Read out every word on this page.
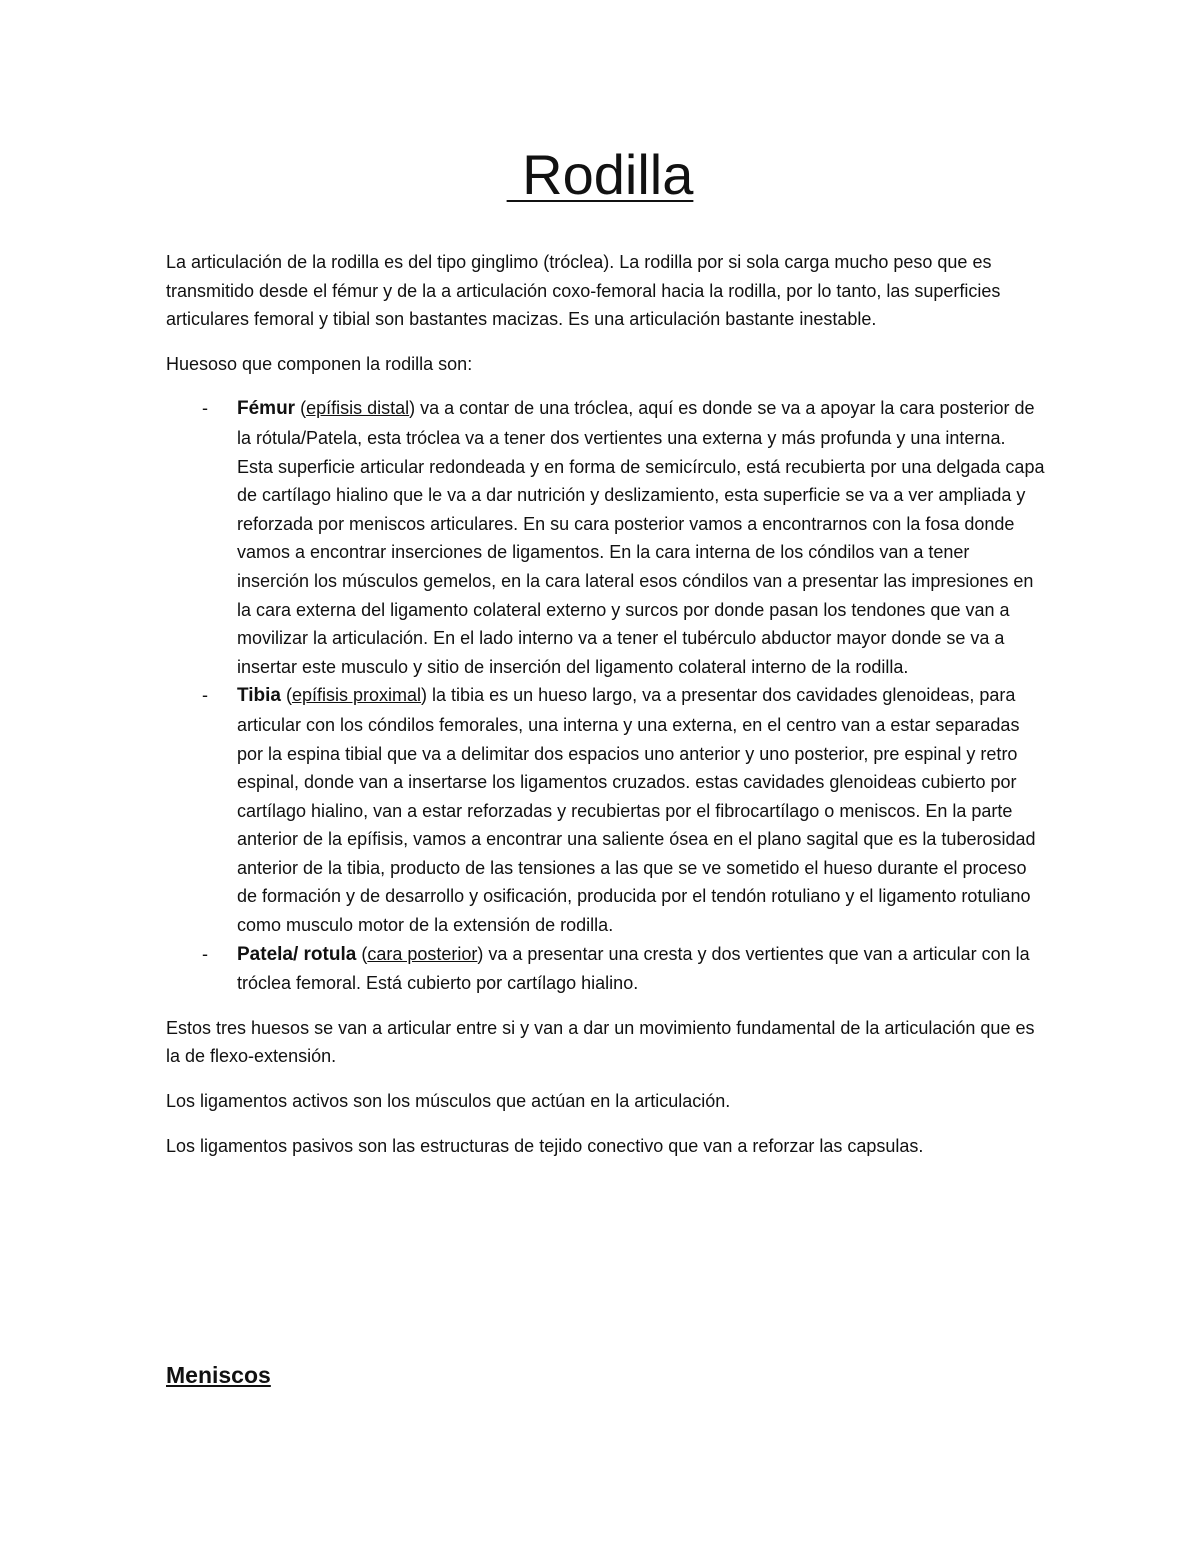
Rodilla

La articulación de la rodilla es del tipo ginglimo (tróclea). La rodilla por si sola carga mucho peso que es transmitido desde el fémur y de la a articulación coxo-femoral hacia la rodilla, por lo tanto, las superficies articulares femoral y tibial son bastantes macizas. Es una articulación bastante inestable.

Huesoso que componen la rodilla son:

- Fémur (epífisis distal) va a contar de una tróclea, aquí es donde se va a apoyar la cara posterior de la rótula/Patela, esta tróclea va a tener dos vertientes una externa y más profunda y una interna. Esta superficie articular redondeada y en forma de semicírculo, está recubierta por una delgada capa de cartílago hialino que le va a dar nutrición y deslizamiento, esta superficie se va a ver ampliada y reforzada por meniscos articulares. En su cara posterior vamos a encontrarnos con la fosa donde vamos a encontrar inserciones de ligamentos. En la cara interna de los cóndilos van a tener inserción los músculos gemelos, en la cara lateral esos cóndilos van a presentar las impresiones en la cara externa del ligamento colateral externo y surcos por donde pasan los tendones que van a movilizar la articulación. En el lado interno va a tener el tubérculo abductor mayor donde se va a insertar este musculo y sitio de inserción del ligamento colateral interno de la rodilla.
- Tibia (epífisis proximal) la tibia es un hueso largo, va a presentar dos cavidades glenoideas, para articular con los cóndilos femorales, una interna y una externa, en el centro van a estar separadas por la espina tibial que va a delimitar dos espacios uno anterior y uno posterior, pre espinal y retro espinal, donde van a insertarse los ligamentos cruzados. estas cavidades glenoideas cubierto por cartílago hialino, van a estar reforzadas y recubiertas por el fibrocartílago o meniscos. En la parte anterior de la epífisis, vamos a encontrar una saliente ósea en el plano sagital que es la tuberosidad anterior de la tibia, producto de las tensiones a las que se ve sometido el hueso durante el proceso de formación y de desarrollo y osificación, producida por el tendón rotuliano y el ligamento rotuliano como musculo motor de la extensión de rodilla.
- Patela/ rotula (cara posterior) va a presentar una cresta y dos vertientes que van a articular con la tróclea femoral. Está cubierto por cartílago hialino.

Estos tres huesos se van a articular entre si y van a dar un movimiento fundamental de la articulación que es la de flexo-extensión.

Los ligamentos activos son los músculos que actúan en la articulación.

Los ligamentos pasivos son las estructuras de tejido conectivo que van a reforzar las capsulas.

Meniscos
